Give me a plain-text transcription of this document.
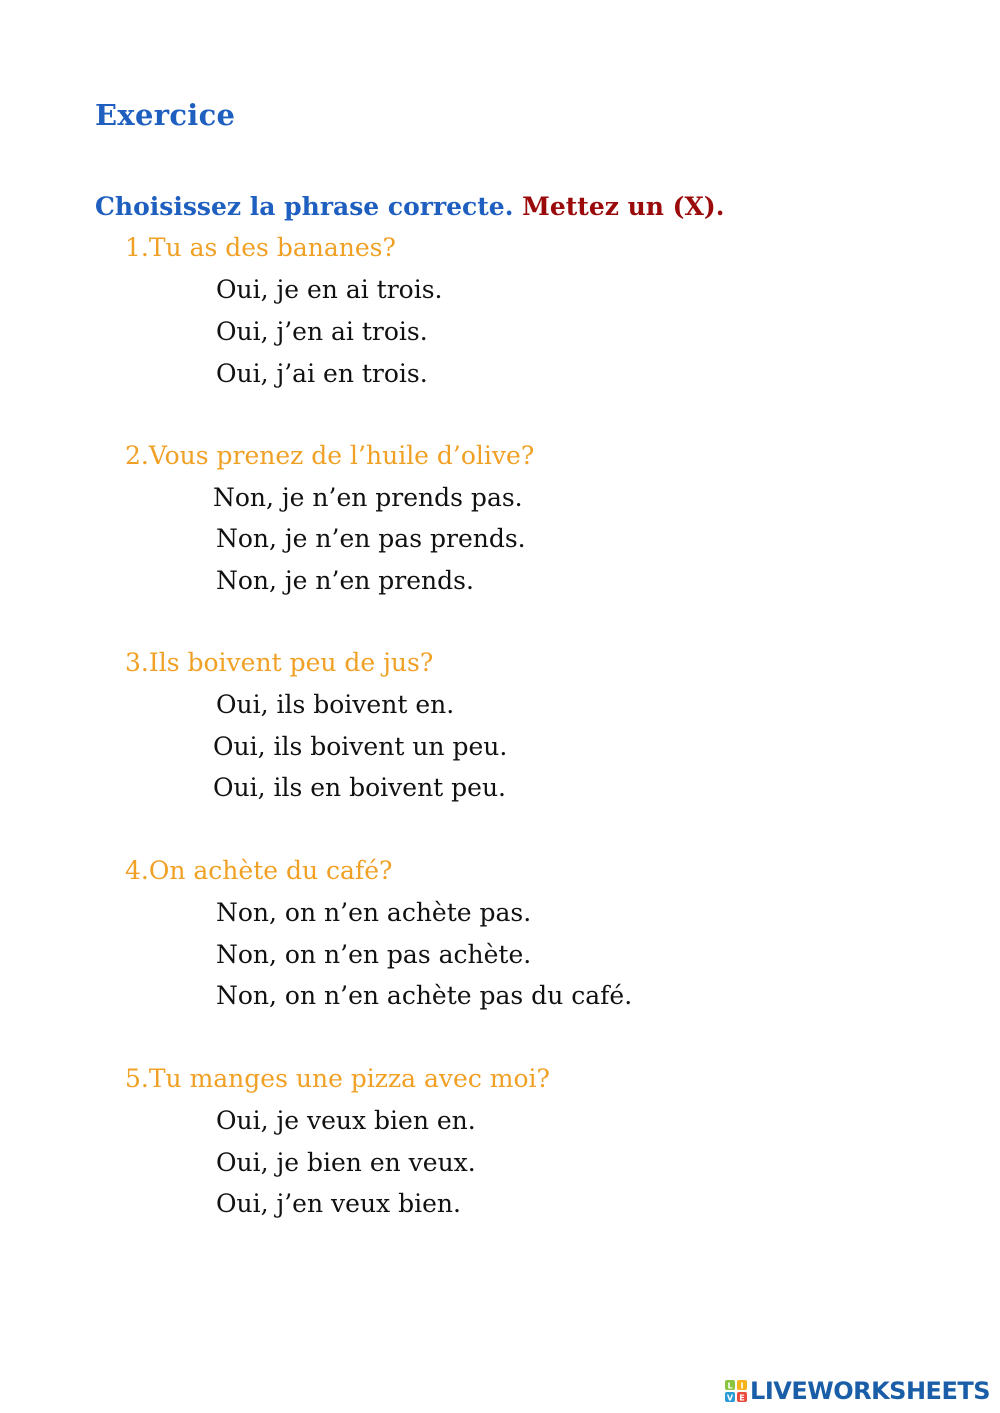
Exercice
Choisissez la phrase correcte. Mettez un (X).
1.Tu as des bananes?
Oui, je en ai trois.
Oui, j’en ai trois.
Oui, j’ai en trois.
2.Vous prenez de l’huile d’olive?
Non, je n’en prends pas.
Non, je n’en pas prends.
Non, je n’en prends.
3.Ils boivent peu de jus?
Oui, ils boivent en.
Oui, ils boivent un peu.
Oui, ils en boivent peu.
4.On achète du café?
Non, on n’en achète pas.
Non, on n’en pas achète.
Non, on n’en achète pas du café.
5.Tu manges une pizza avec moi?
Oui, je veux bien en.
Oui, je bien en veux.
Oui, j’en veux bien.
L I
V E LIVEWORKSHEETS
